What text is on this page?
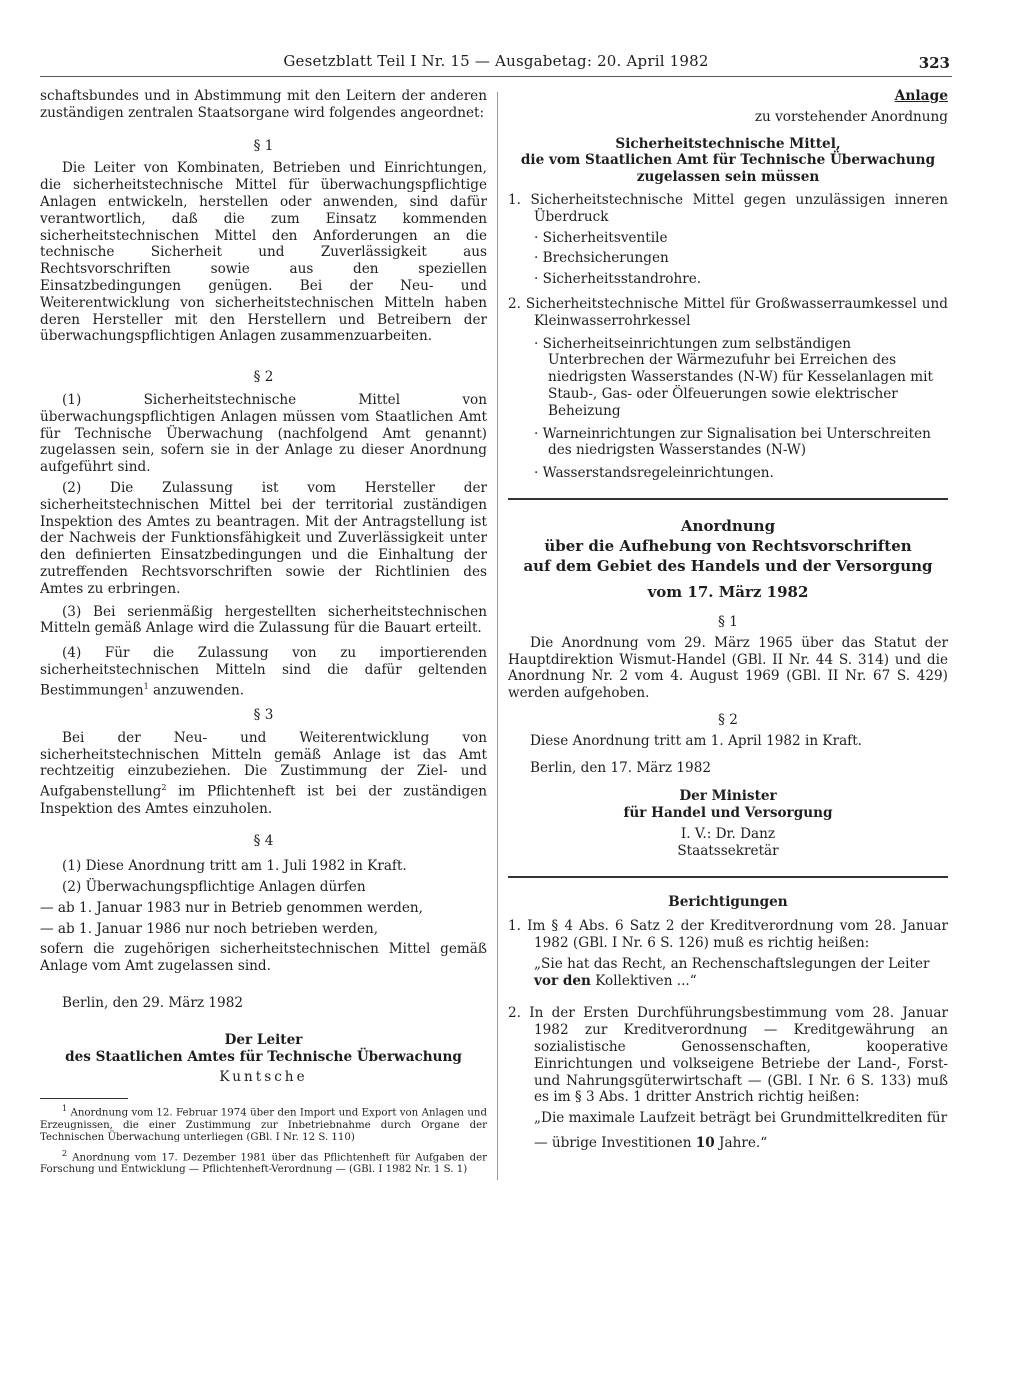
Gesetzblatt Teil I Nr. 15 — Ausgabetag: 20. April 1982	323

schaftsbundes und in Abstimmung mit den Leitern der anderen zuständigen zentralen Staatsorgane wird folgendes angeordnet:

§ 1

Die Leiter von Kombinaten, Betrieben und Einrichtungen, die sicherheitstechnische Mittel für überwachungspflichtige Anlagen entwickeln, herstellen oder anwenden, sind dafür verantwortlich, daß die zum Einsatz kommenden sicherheitstechnischen Mittel den Anforderungen an die technische Sicherheit und Zuverlässigkeit aus Rechtsvorschriften sowie aus den speziellen Einsatzbedingungen genügen. Bei der Neu- und Weiterentwicklung von sicherheitstechnischen Mitteln haben deren Hersteller mit den Herstellern und Betreibern der überwachungspflichtigen Anlagen zusammenzuarbeiten.

§ 2

(1) Sicherheitstechnische Mittel von überwachungspflichtigen Anlagen müssen vom Staatlichen Amt für Technische Überwachung (nachfolgend Amt genannt) zugelassen sein, sofern sie in der Anlage zu dieser Anordnung aufgeführt sind.

(2) Die Zulassung ist vom Hersteller der sicherheitstechnischen Mittel bei der territorial zuständigen Inspektion des Amtes zu beantragen. Mit der Antragstellung ist der Nachweis der Funktionsfähigkeit und Zuverlässigkeit unter den definierten Einsatzbedingungen und die Einhaltung der zutreffenden Rechtsvorschriften sowie der Richtlinien des Amtes zu erbringen.

(3) Bei serienmäßig hergestellten sicherheitstechnischen Mitteln gemäß Anlage wird die Zulassung für die Bauart erteilt.

(4) Für die Zulassung von zu importierenden sicherheitstechnischen Mitteln sind die dafür geltenden Bestimmungen$^1$ anzuwenden.

§ 3

Bei der Neu- und Weiterentwicklung von sicherheitstechnischen Mitteln gemäß Anlage ist das Amt rechtzeitig einzubeziehen. Die Zustimmung der Ziel- und Aufgabenstellung$^2$ im Pflichtenheft ist bei der zuständigen Inspektion des Amtes einzuholen.

§ 4

(1) Diese Anordnung tritt am 1. Juli 1982 in Kraft.

(2) Überwachungspflichtige Anlagen dürfen

— ab 1. Januar 1983 nur in Betrieb genommen werden,

— ab 1. Januar 1986 nur noch betrieben werden,

sofern die zugehörigen sicherheitstechnischen Mittel gemäß Anlage vom Amt zugelassen sind.

Berlin, den 29. März 1982

Der Leiter

des Staatlichen Amtes für Technische Überwachung

Kuntsche

$^1$ Anordnung vom 12. Februar 1974 über den Import und Export von Anlagen und Erzeugnissen, die einer Zustimmung zur Inbetriebnahme durch Organe der Technischen Überwachung unterliegen (GBl. I Nr. 12 S. 110)

$^2$ Anordnung vom 17. Dezember 1981 über das Pflichtenheft für Aufgaben der Forschung und Entwicklung — Pflichtenheft-Verordnung — (GBl. I 1982 Nr. 1 S. 1)

Anlage

zu vorstehender Anordnung

Sicherheitstechnische Mittel,

die vom Staatlichen Amt für Technische Überwachung

zugelassen sein müssen

1. Sicherheitstechnische Mittel gegen unzulässigen inneren Überdruck

· Sicherheitsventile

· Brechsicherungen

· Sicherheitsstandrohre.

2. Sicherheitstechnische Mittel für Großwasserraumkessel und Kleinwasserrohrkessel

· Sicherheitseinrichtungen zum selbständigen Unterbrechen der Wärmezufuhr bei Erreichen des niedrigsten Wasserstandes (N-W) für Kesselanlagen mit Staub-, Gas- oder Ölfeuerungen sowie elektrischer Beheizung

· Warneinrichtungen zur Signalisation bei Unterschreiten des niedrigsten Wasserstandes (N-W)

· Wasserstandsregeleinrichtungen.

Anordnung

über die Aufhebung von Rechtsvorschriften

auf dem Gebiet des Handels und der Versorgung

vom 17. März 1982

§ 1

Die Anordnung vom 29. März 1965 über das Statut der Hauptdirektion Wismut-Handel (GBl. II Nr. 44 S. 314) und die Anordnung Nr. 2 vom 4. August 1969 (GBl. II Nr. 67 S. 429) werden aufgehoben.

§ 2

Diese Anordnung tritt am 1. April 1982 in Kraft.

Berlin, den 17. März 1982

Der Minister

für Handel und Versorgung

I. V.: Dr. Danz

Staatssekretär

Berichtigungen

1. Im § 4 Abs. 6 Satz 2 der Kreditverordnung vom 28. Januar 1982 (GBl. I Nr. 6 S. 126) muß es richtig heißen:

„Sie hat das Recht, an Rechenschaftslegungen der Leiter vor den Kollektiven ...“

2. In der Ersten Durchführungsbestimmung vom 28. Januar 1982 zur Kreditverordnung — Kreditgewährung an sozialistische Genossenschaften, kooperative Einrichtungen und volkseigene Betriebe der Land-, Forst- und Nahrungsgüterwirtschaft — (GBl. I Nr. 6 S. 133) muß es im § 3 Abs. 1 dritter Anstrich richtig heißen:

„Die maximale Laufzeit beträgt bei Grundmittelkrediten für

— übrige Investitionen 10 Jahre.“
